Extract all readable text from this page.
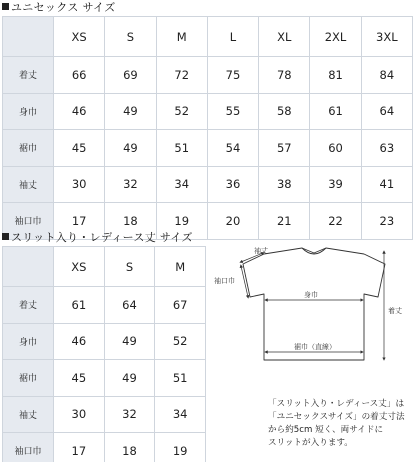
ユニセックス サイズ
	XS	S	M	L	XL	2XL	3XL
着丈	66	69	72	75	78	81	84
身巾	46	49	52	55	58	61	64
裾巾	45	49	51	54	57	60	63
袖丈	30	32	34	36	38	39	41
袖口巾	17	18	19	20	21	22	23
スリット入り・レディース丈 サイズ
	XS	S	M
着丈	61	64	67
身巾	46	49	52
裾巾	45	49	51
袖丈	30	32	34
袖口巾	17	18	19
袖丈
袖口巾
身巾
裾巾（直線）
着丈
「スリット入り・レディース丈」は
「ユニセックスサイズ」の着丈寸法
から約5cm 短く、両サイドに
スリットが入ります。
